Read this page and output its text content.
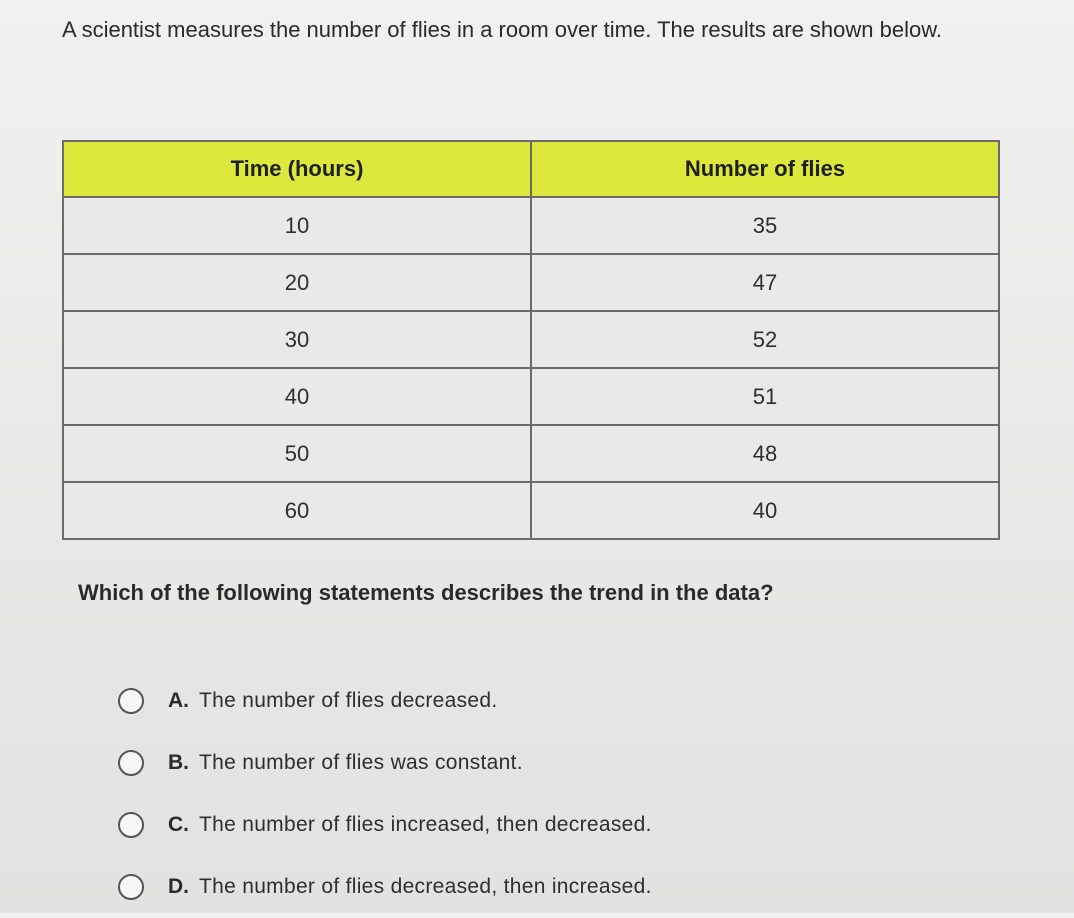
A scientist measures the number of flies in a room over time. The results are shown below.

Time (hours)	Number of flies
10	35
20	47
30	52
40	51
50	48
60	40

Which of the following statements describes the trend in the data?

A. The number of flies decreased.
B. The number of flies was constant.
C. The number of flies increased, then decreased.
D. The number of flies decreased, then increased.
